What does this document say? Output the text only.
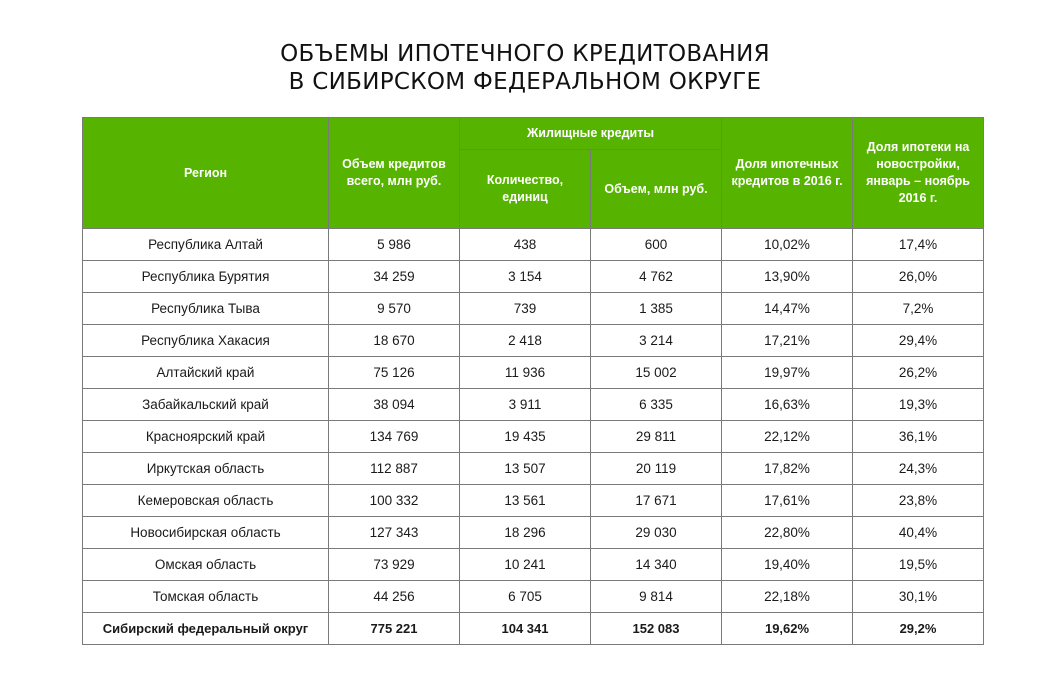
ОБЪЕМЫ ИПОТЕЧНОГО КРЕДИТОВАНИЯ
В СИБИРСКОМ ФЕДЕРАЛЬНОМ ОКРУГЕ
Регион	Объем кредитов всего, млн руб.	Жилищные кредиты		Доля ипотечных кредитов в 2016 г.	Доля ипотеки на новостройки, январь – ноябрь 2016 г.
		Количество, единиц	Объем, млн руб.		
Республика Алтай	5 986	438	600	10,02%	17,4%
Республика Бурятия	34 259	3 154	4 762	13,90%	26,0%
Республика Тыва	9 570	739	1 385	14,47%	7,2%
Республика Хакасия	18 670	2 418	3 214	17,21%	29,4%
Алтайский край	75 126	11 936	15 002	19,97%	26,2%
Забайкальский край	38 094	3 911	6 335	16,63%	19,3%
Красноярский край	134 769	19 435	29 811	22,12%	36,1%
Иркутская область	112 887	13 507	20 119	17,82%	24,3%
Кемеровская область	100 332	13 561	17 671	17,61%	23,8%
Новосибирская область	127 343	18 296	29 030	22,80%	40,4%
Омская область	73 929	10 241	14 340	19,40%	19,5%
Томская область	44 256	6 705	9 814	22,18%	30,1%
Сибирский федеральный округ	775 221	104 341	152 083	19,62%	29,2%
